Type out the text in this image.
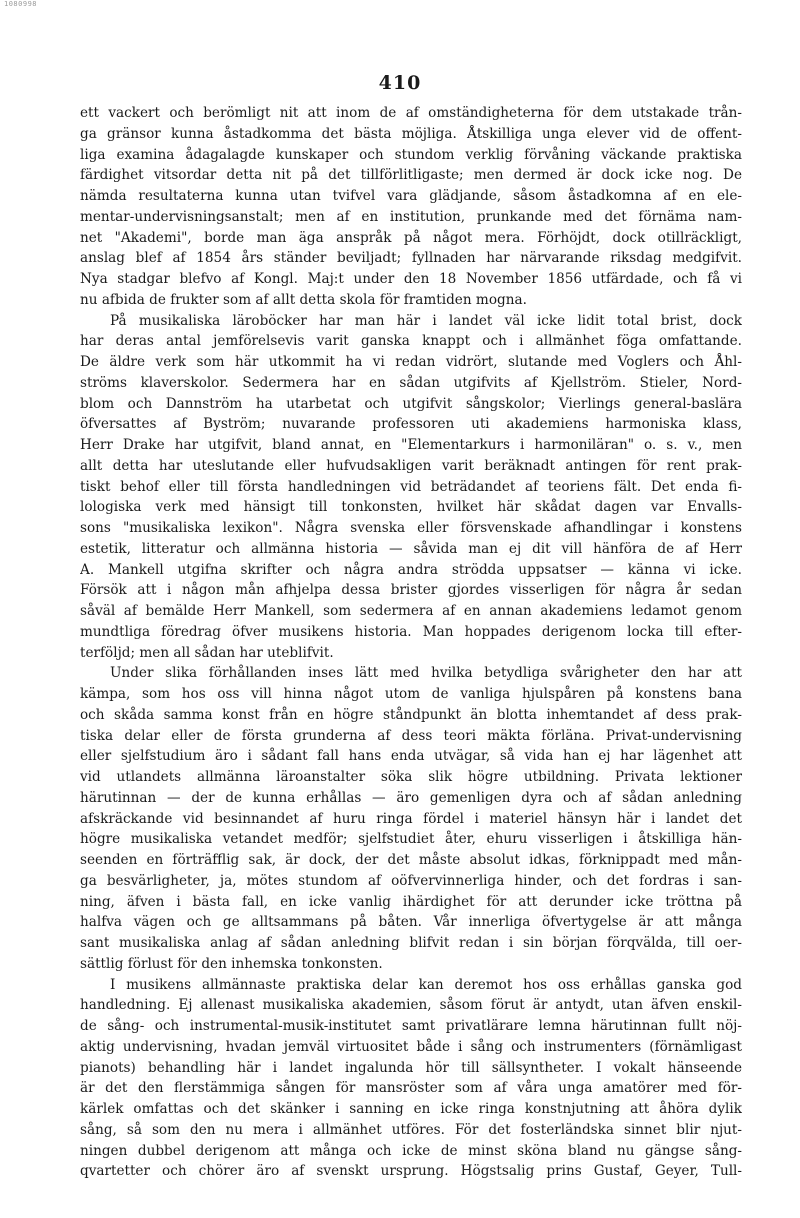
1080998
410
ett vackert och berömligt nit att inom de af omständigheterna för dem utstakade trån-
ga gränsor kunna åstadkomma det bästa möjliga. Åtskilliga unga elever vid de offent-
liga examina ådagalagde kunskaper och stundom verklig förvåning väckande praktiska
färdighet vitsordar detta nit på det tillförlitligaste; men dermed är dock icke nog. De
nämda resultaterna kunna utan tvifvel vara glädjande, såsom åstadkomna af en ele-
mentar-undervisningsanstalt; men af en institution, prunkande med det förnäma nam-
net "Akademi", borde man äga anspråk på något mera. Förhöjdt, dock otillräckligt,
anslag blef af 1854 års ständer beviljadt; fyllnaden har närvarande riksdag medgifvit.
Nya stadgar blefvo af Kongl. Maj:t under den 18 November 1856 utfärdade, och få vi
nu afbida de frukter som af allt detta skola för framtiden mogna.
På musikaliska läroböcker har man här i landet väl icke lidit total brist, dock
har deras antal jemförelsevis varit ganska knappt och i allmänhet föga omfattande.
De äldre verk som här utkommit ha vi redan vidrört, slutande med Voglers och Åhl-
ströms klaverskolor. Sedermera har en sådan utgifvits af Kjellström. Stieler, Nord-
blom och Dannström ha utarbetat och utgifvit sångskolor; Vierlings general-baslära
öfversattes af Byström; nuvarande professoren uti akademiens harmoniska klass,
Herr Drake har utgifvit, bland annat, en "Elementarkurs i harmoniläran" o. s. v., men
allt detta har uteslutande eller hufvudsakligen varit beräknadt antingen för rent prak-
tiskt behof eller till första handledningen vid beträdandet af teoriens fält. Det enda fi-
lologiska verk med hänsigt till tonkonsten, hvilket här skådat dagen var Envalls-
sons "musikaliska lexikon". Några svenska eller försvenskade afhandlingar i konstens
estetik, litteratur och allmänna historia — såvida man ej dit vill hänföra de af Herr
A. Mankell utgifna skrifter och några andra strödda uppsatser — känna vi icke.
Försök att i någon mån afhjelpa dessa brister gjordes visserligen för några år sedan
såväl af bemälde Herr Mankell, som sedermera af en annan akademiens ledamot genom
mundtliga föredrag öfver musikens historia. Man hoppades derigenom locka till efter-
terföljd; men all sådan har uteblifvit.
Under slika förhållanden inses lätt med hvilka betydliga svårigheter den har att
kämpa, som hos oss vill hinna något utom de vanliga hjulspåren på konstens bana
och skåda samma konst från en högre ståndpunkt än blotta inhemtandet af dess prak-
tiska delar eller de första grunderna af dess teori mäkta förläna. Privat-undervisning
eller sjelfstudium äro i sådant fall hans enda utvägar, så vida han ej har lägenhet att
vid utlandets allmänna läroanstalter söka slik högre utbildning. Privata lektioner
härutinnan — der de kunna erhållas — äro gemenligen dyra och af sådan anledning
afskräckande vid besinnandet af huru ringa fördel i materiel hänsyn här i landet det
högre musikaliska vetandet medför; sjelfstudiet åter, ehuru visserligen i åtskilliga hän-
seenden en förträfflig sak, är dock, der det måste absolut idkas, förknippadt med mån-
ga besvärligheter, ja, mötes stundom af oöfvervinnerliga hinder, och det fordras i san-
ning, äfven i bästa fall, en icke vanlig ihärdighet för att derunder icke tröttna på
halfva vägen och ge alltsammans på båten. Vår innerliga öfvertygelse är att många
sant musikaliska anlag af sådan anledning blifvit redan i sin början förqvälda, till oer-
sättlig förlust för den inhemska tonkonsten.
I musikens allmännaste praktiska delar kan deremot hos oss erhållas ganska god
handledning. Ej allenast musikaliska akademien, såsom förut är antydt, utan äfven enskil-
de sång- och instrumental-musik-institutet samt privatlärare lemna härutinnan fullt nöj-
aktig undervisning, hvadan jemväl virtuositet både i sång och instrumenters (förnämligast
pianots) behandling här i landet ingalunda hör till sällsyntheter. I vokalt hänseende
är det den flerstämmiga sången för mansröster som af våra unga amatörer med för-
kärlek omfattas och det skänker i sanning en icke ringa konstnjutning att åhöra dylik
sång, så som den nu mera i allmänhet utföres. För det fosterländska sinnet blir njut-
ningen dubbel derigenom att många och icke de minst sköna bland nu gängse sång-
qvartetter och chörer äro af svenskt ursprung. Högstsalig prins Gustaf, Geyer, Tull-
